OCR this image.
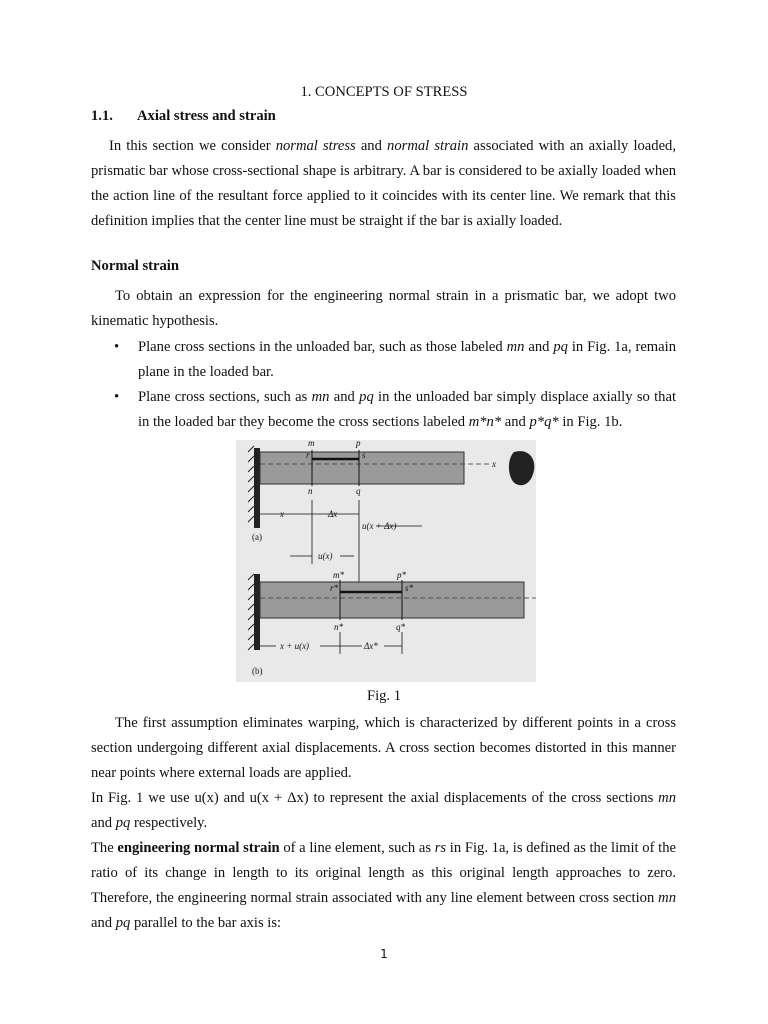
1. CONCEPTS OF STRESS
1.1. Axial stress and strain
In this section we consider normal stress and normal strain associated with an axially loaded, prismatic bar whose cross-sectional shape is arbitrary. A bar is considered to be axially loaded when the action line of the resultant force applied to it coincides with its center line. We remark that this definition implies that the center line must be straight if the bar is axially loaded.
Normal strain
To obtain an expression for the engineering normal strain in a prismatic bar, we adopt two kinematic hypothesis.
• Plane cross sections in the unloaded bar, such as those labeled mn and pq in Fig. 1a, remain plane in the loaded bar.
• Plane cross sections, such as mn and pq in the unloaded bar simply displace axially so that in the loaded bar they become the cross sections labeled m*n* and p*q* in Fig. 1b.
m	p
r	s
n	q
x
x	Δx
u(x + Δx)
u(x)
(a)
m*	p*
r*	s*
n*	q*
x + u(x)	Δx*
(b)
Fig. 1
The first assumption eliminates warping, which is characterized by different points in a cross section undergoing different axial displacements. A cross section becomes distorted in this manner near points where external loads are applied.
In Fig. 1 we use u(x) and u(x + Δx) to represent the axial displacements of the cross sections mn and pq respectively.
The engineering normal strain of a line element, such as rs in Fig. 1a, is defined as the limit of the ratio of its change in length to its original length as this original length approaches to zero. Therefore, the engineering normal strain associated with any line element between cross section mn and pq parallel to the bar axis is:
1
